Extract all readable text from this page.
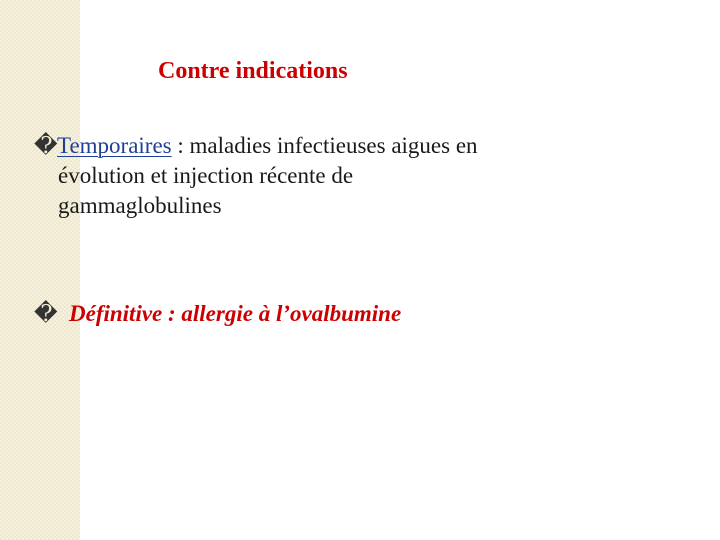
Contre indications
�Temporaires : maladies infectieuses aigues en
évolution et injection récente de
gammaglobulines
� Définitive : allergie à l’ovalbumine
